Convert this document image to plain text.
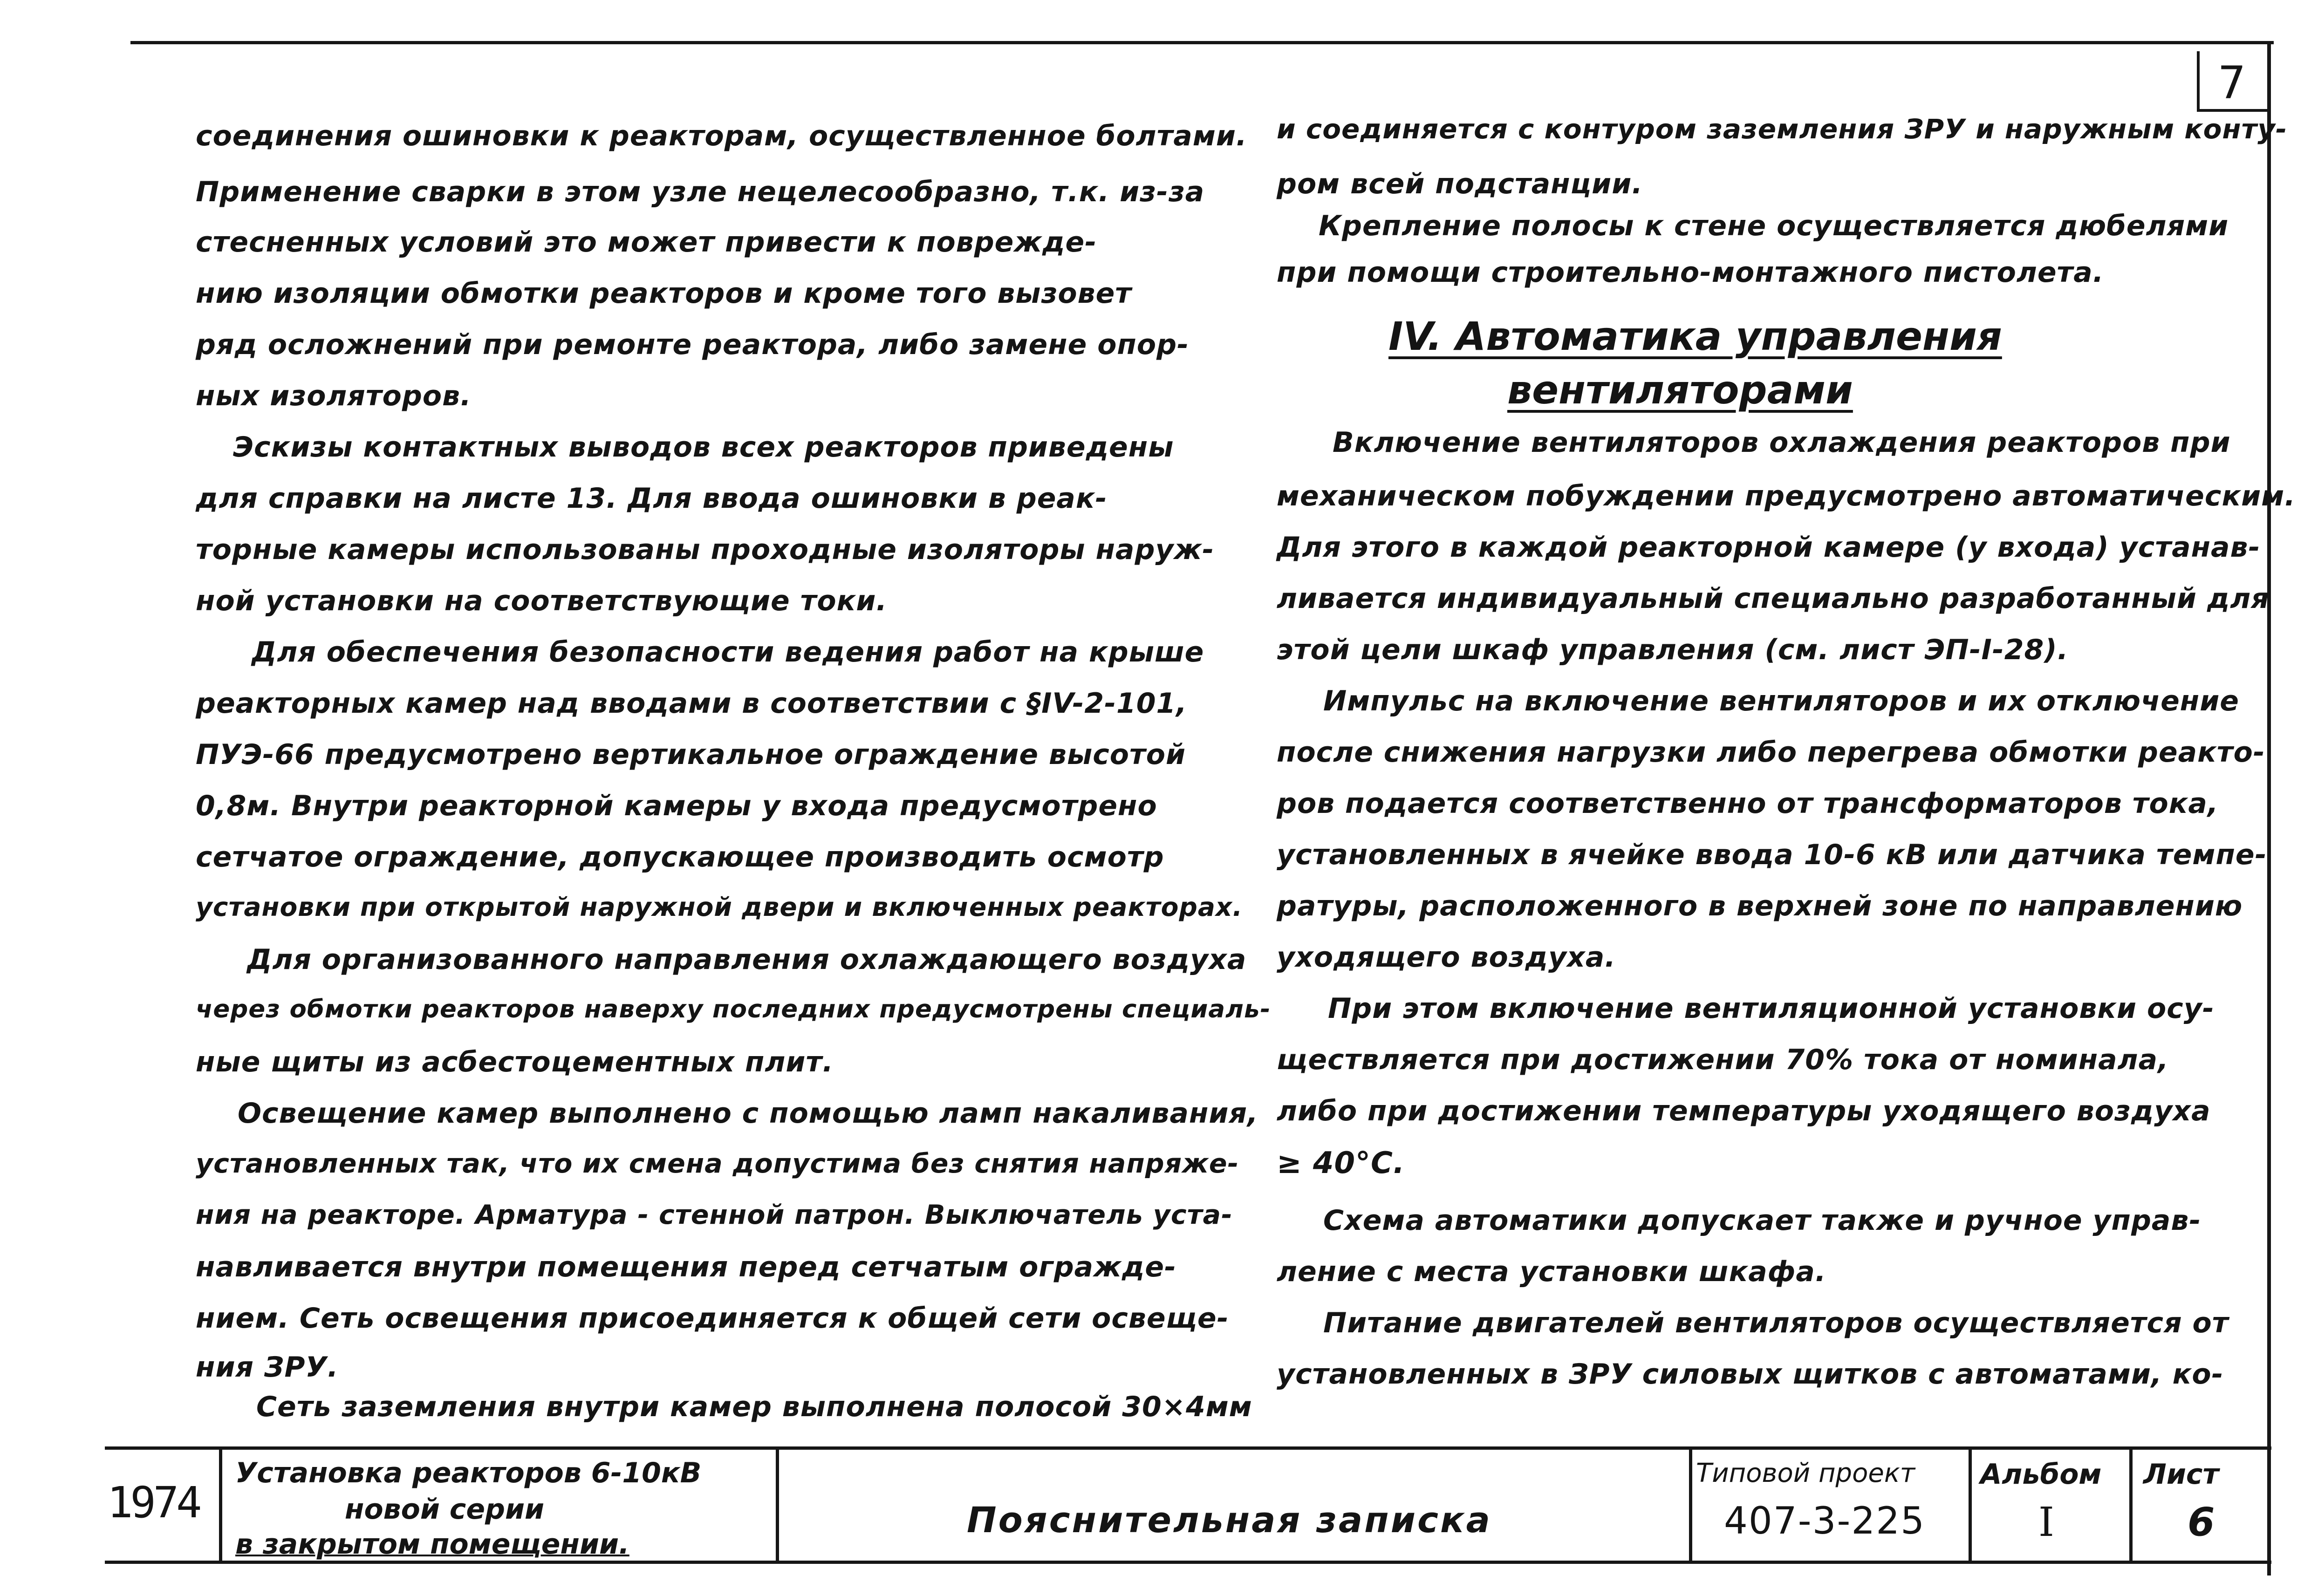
7
соединения ошиновки к реакторам, осуществленное болтами.
Применение сварки в этом узле нецелесообразно, т.к. из-за
стесненных условий это может привести к поврежде-
нию изоляции обмотки реакторов и кроме того вызовет
ряд осложнений при ремонте реактора, либо замене опор-
ных изоляторов.
Эскизы контактных выводов всех реакторов приведены
для справки на листе 13. Для ввода ошиновки в реак-
торные камеры использованы проходные изоляторы наруж-
ной установки на соответствующие токи.
Для обеспечения безопасности ведения работ на крыше
реакторных камер над вводами в соответствии с §IV-2-101,
ПУЭ-66 предусмотрено вертикальное ограждение высотой
0,8м. Внутри реакторной камеры у входа предусмотрено
сетчатое ограждение, допускающее производить осмотр
установки при открытой наружной двери и включенных реакторах.
Для организованного направления охлаждающего воздуха
через обмотки реакторов наверху последних предусмотрены специаль-
ные щиты из асбестоцементных плит.
Освещение камер выполнено с помощью ламп накаливания,
установленных так, что их смена допустима без снятия напряже-
ния на реакторе. Арматура - стенной патрон. Выключатель уста-
навливается внутри помещения перед сетчатым огражде-
нием. Сеть освещения присоединяется к общей сети освеще-
ния ЗРУ.
Сеть заземления внутри камер выполнена полосой 30×4мм
и соединяется с контуром заземления ЗРУ и наружным конту-
ром всей подстанции.
Крепление полосы к стене осуществляется дюбелями
при помощи строительно-монтажного пистолета.
IV. Автоматика управления
вентиляторами
Включение вентиляторов охлаждения реакторов при
механическом побуждении предусмотрено автоматическим.
Для этого в каждой реакторной камере (у входа) устанав-
ливается индивидуальный специально разработанный для
этой цели шкаф управления (см. лист ЭП-I-28).
Импульс на включение вентиляторов и их отключение
после снижения нагрузки либо перегрева обмотки реакто-
ров подается соответственно от трансформаторов тока,
установленных в ячейке ввода 10-6 кВ или датчика темпе-
ратуры, расположенного в верхней зоне по направлению
уходящего воздуха.
При этом включение вентиляционной установки осу-
ществляется при достижении 70% тока от номинала,
либо при достижении температуры уходящего воздуха
≥ 40°С.
Схема автоматики допускает также и ручное управ-
ление с места установки шкафа.
Питание двигателей вентиляторов осуществляется от
установленных в ЗРУ силовых щитков с автоматами, ко-
1974
Установка реакторов 6-10кВ
новой серии
в закрытом помещении.
Пояснительная записка
Типовой проект
407-3-225
Альбом
I
Лист
6
